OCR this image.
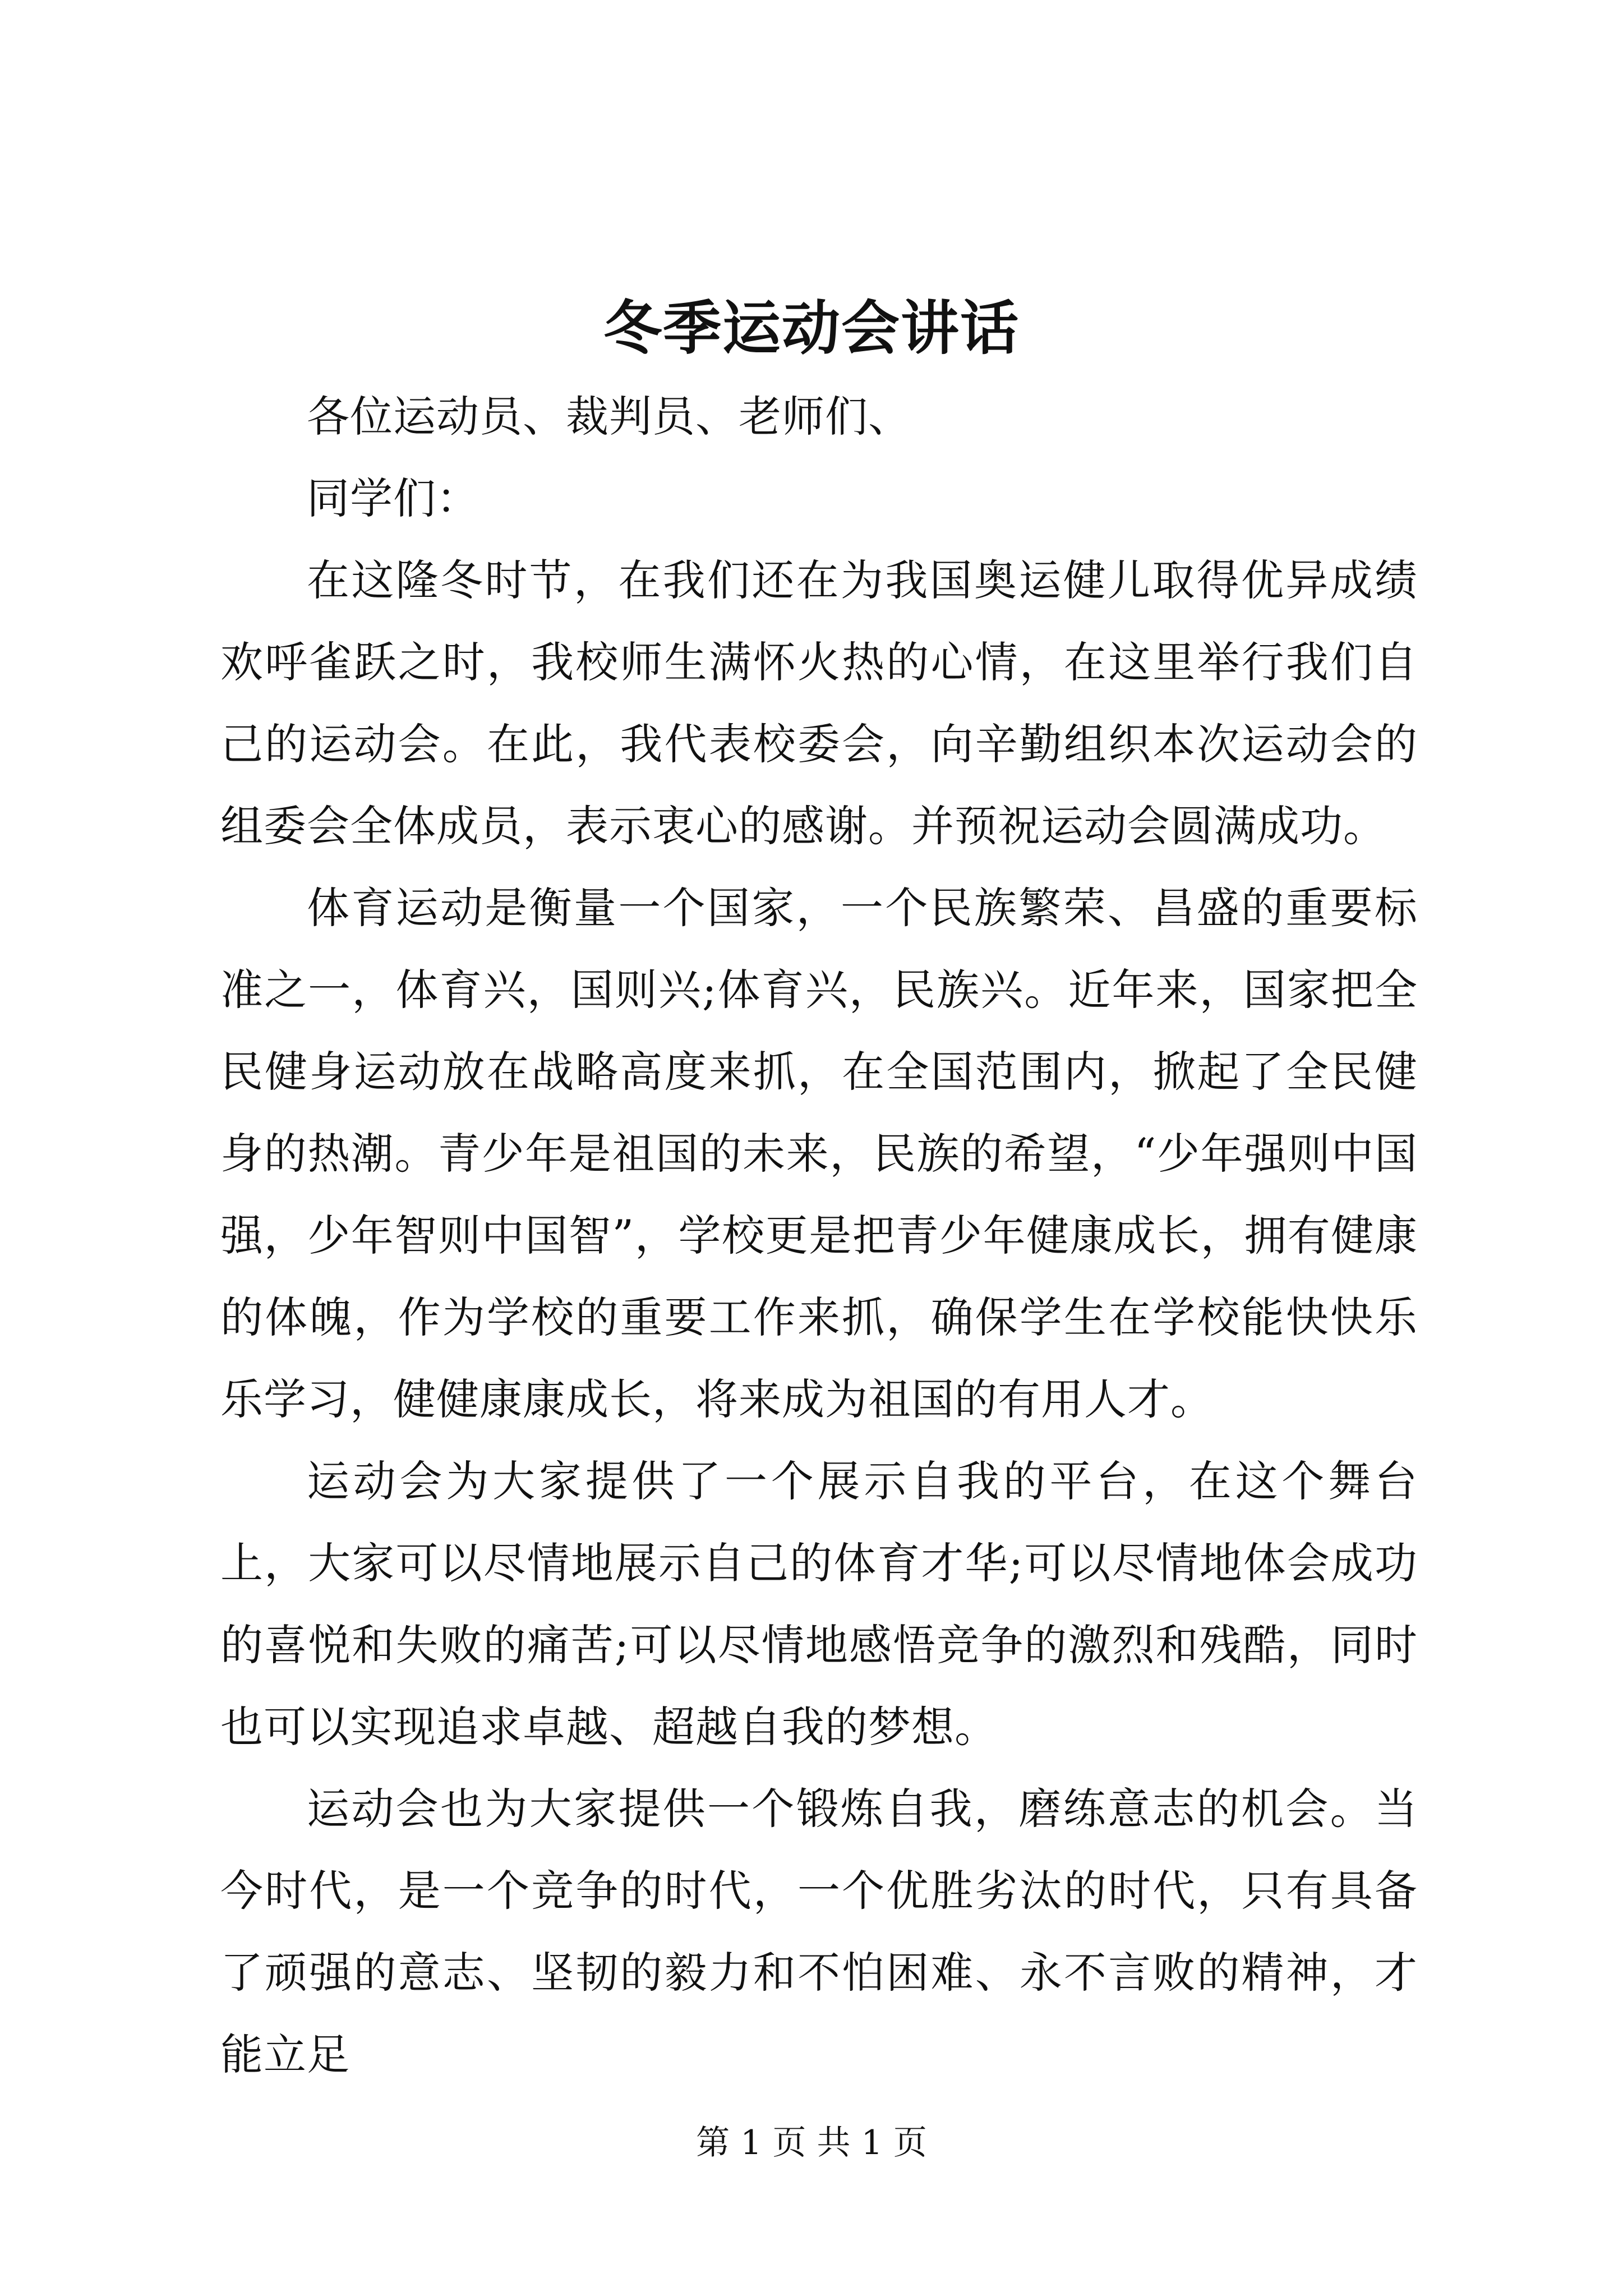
冬季运动会讲话

各位运动员、裁判员、老师们、

同学们：

在这隆冬时节，在我们还在为我国奥运健儿取得优异成绩欢呼雀跃之时，我校师生满怀火热的心情，在这里举行我们自己的运动会。在此，我代表校委会，向辛勤组织本次运动会的组委会全体成员，表示衷心的感谢。并预祝运动会圆满成功。

体育运动是衡量一个国家，一个民族繁荣、昌盛的重要标准之一，体育兴，国则兴;体育兴，民族兴。近年来，国家把全民健身运动放在战略高度来抓，在全国范围内，掀起了全民健身的热潮。青少年是祖国的未来，民族的希望，“少年强则中国强，少年智则中国智”，学校更是把青少年健康成长，拥有健康的体魄，作为学校的重要工作来抓，确保学生在学校能快快乐乐学习，健健康康成长，将来成为祖国的有用人才。

运动会为大家提供了一个展示自我的平台，在这个舞台上，大家可以尽情地展示自己的体育才华;可以尽情地体会成功的喜悦和失败的痛苦;可以尽情地感悟竞争的激烈和残酷，同时也可以实现追求卓越、超越自我的梦想。

运动会也为大家提供一个锻炼自我，磨练意志的机会。当今时代，是一个竞争的时代，一个优胜劣汰的时代，只有具备了顽强的意志、坚韧的毅力和不怕困难、永不言败的精神，才能立足

第 1 页 共 1 页
